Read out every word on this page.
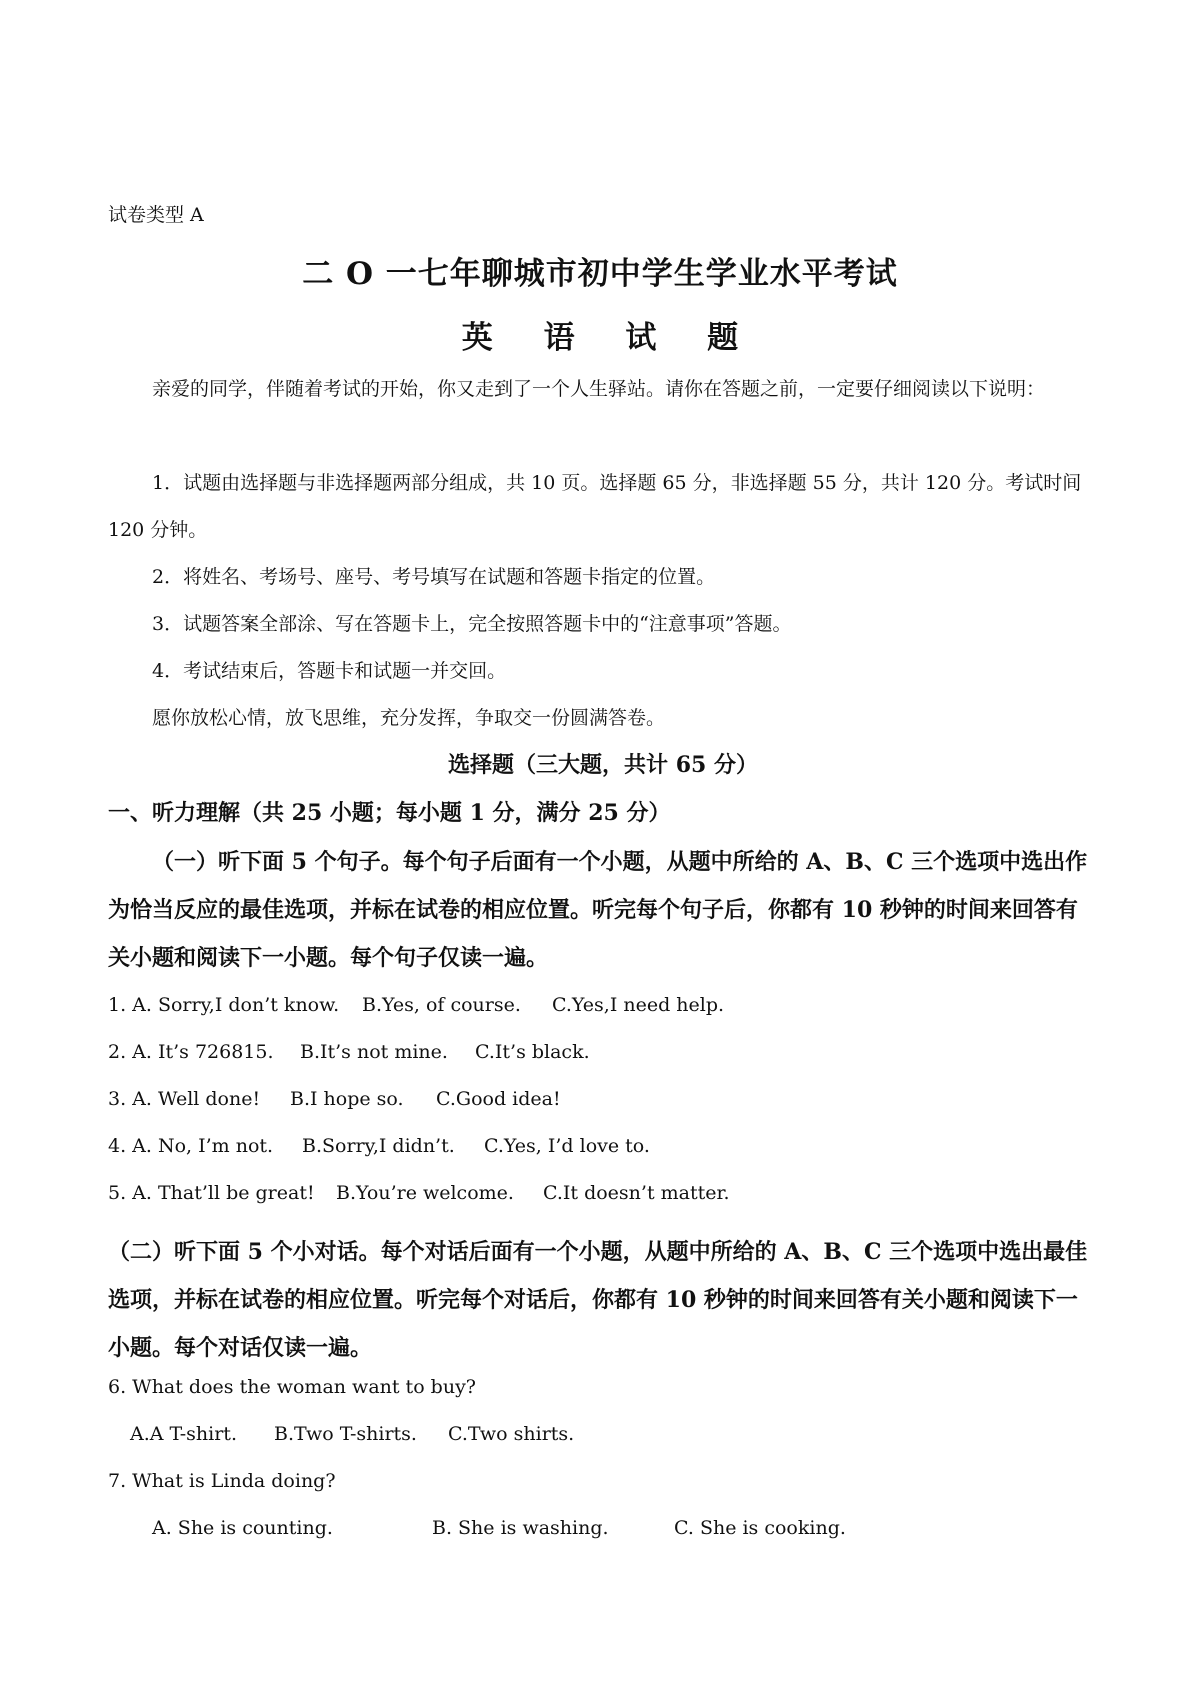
试卷类型 A
二 O 一七年聊城市初中学生学业水平考试
英 语 试 题
亲爱的同学，伴随着考试的开始，你又走到了一个人生驿站。请你在答题之前，一定要仔细阅读以下说明：
1．试题由选择题与非选择题两部分组成，共 10 页。选择题 65 分，非选择题 55 分，共计 120 分。考试时间 120 分钟。
2．将姓名、考场号、座号、考号填写在试题和答题卡指定的位置。
3．试题答案全部涂、写在答题卡上，完全按照答题卡中的“注意事项”答题。
4．考试结束后，答题卡和试题一并交回。
愿你放松心情，放飞思维，充分发挥，争取交一份圆满答卷。
选择题（三大题，共计 65 分）
一、听力理解（共 25 小题；每小题 1 分，满分 25 分）
（一）听下面 5 个句子。每个句子后面有一个小题，从题中所给的 A、B、C 三个选项中选出作为恰当反应的最佳选项，并标在试卷的相应位置。听完每个句子后，你都有 10 秒钟的时间来回答有关小题和阅读下一小题。每个句子仅读一遍。
1. A. Sorry,I don’t know. B.Yes, of course. C.Yes,I need help.
2. A. It’s 726815. B.It’s not mine. C.It’s black.
3. A. Well done! B.I hope so. C.Good idea!
4. A. No, I’m not. B.Sorry,I didn’t. C.Yes, I’d love to.
5. A. That’ll be great! B.You’re welcome. C.It doesn’t matter.
（二）听下面 5 个小对话。每个对话后面有一个小题，从题中所给的 A、B、C 三个选项中选出最佳选项，并标在试卷的相应位置。听完每个对话后，你都有 10 秒钟的时间来回答有关小题和阅读下一小题。每个对话仅读一遍。
6. What does the woman want to buy?
A.A T-shirt. B.Two T-shirts. C.Two shirts.
7. What is Linda doing?
A. She is counting.	B. She is washing.	C. She is cooking.
